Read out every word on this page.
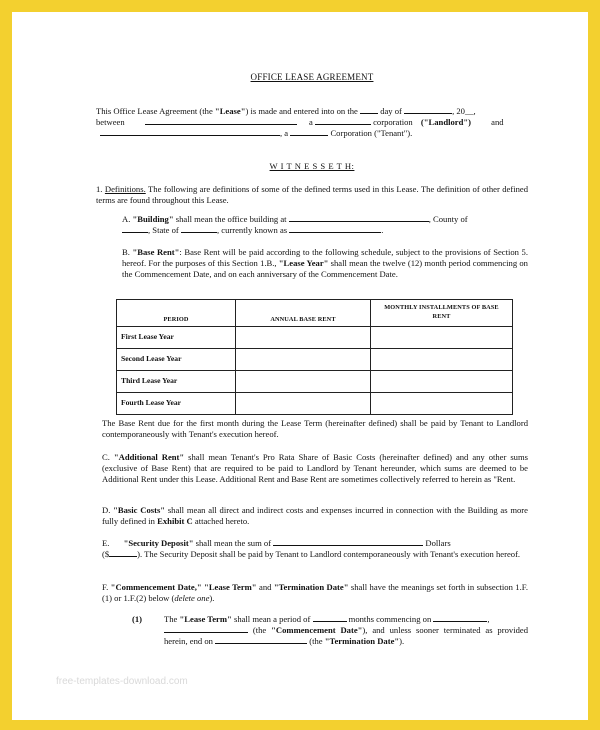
OFFICE LEASE AGREEMENT
This Office Lease Agreement (the "Lease") is made and entered into on the	day of	, 20__,
between	a	corporation ("Landlord") and
, a	Corporation ("Tenant").
W I T N E S S E T H:
1. Definitions. The following are definitions of some of the defined terms used in this Lease. The definition of other defined terms are found throughout this Lease.
A. "Building" shall mean the office building at	, County of
, State of	, currently known as	.
B. "Base Rent": Base Rent will be paid according to the following schedule, subject to the provisions of Section 5. hereof. For the purposes of this Section 1.B., "Lease Year" shall mean the twelve (12) month period commencing on the Commencement Date, and on each anniversary of the Commencement Date.
PERIOD	ANNUAL BASE RENT	MONTHLY INSTALLMENTS OF BASE RENT
First Lease Year		
Second Lease Year		
Third Lease Year		
Fourth Lease Year		
The Base Rent due for the first month during the Lease Term (hereinafter defined) shall be paid by Tenant to Landlord contemporaneously with Tenant's execution hereof.
C. "Additional Rent" shall mean Tenant's Pro Rata Share of Basic Costs (hereinafter defined) and any other sums (exclusive of Base Rent) that are required to be paid to Landlord by Tenant hereunder, which sums are deemed to be Additional Rent under this Lease. Additional Rent and Base Rent are sometimes collectively referred to herein as "Rent.
D. "Basic Costs" shall mean all direct and indirect costs and expenses incurred in connection with the Building as more fully defined in Exhibit C attached hereto.
E. "Security Deposit" shall mean the sum of	Dollars
($	). The Security Deposit shall be paid by Tenant to Landlord contemporaneously with Tenant's execution hereof.
F. "Commencement Date," "Lease Term" and "Termination Date" shall have the meanings set forth in subsection 1.F.(1) or 1.F.(2) below (delete one).
(1)	The "Lease Term" shall mean a period of	months commencing on	,
(the "Commencement Date"), and unless sooner terminated as provided herein, end on	(the "Termination Date").
free-templates-download.com
